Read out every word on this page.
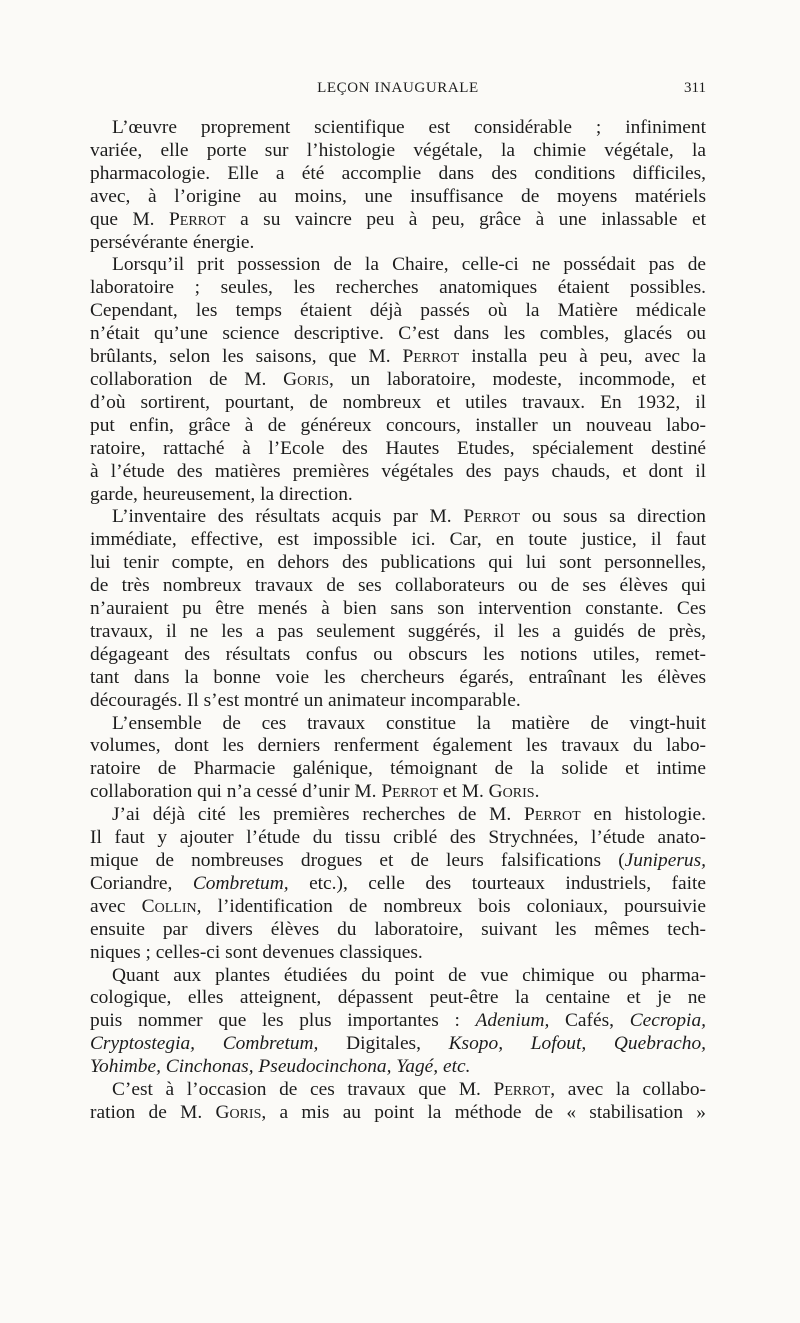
LEÇON INAUGURALE	311

L’œuvre proprement scientifique est considérable ; infiniment
variée, elle porte sur l’histologie végétale, la chimie végétale, la
pharmacologie. Elle a été accomplie dans des conditions difficiles,
avec, à l’origine au moins, une insuffisance de moyens matériels
que M. Perrot a su vaincre peu à peu, grâce à une inlassable et
persévérante énergie.

Lorsqu’il prit possession de la Chaire, celle-ci ne possédait pas de
laboratoire ; seules, les recherches anatomiques étaient possibles.
Cependant, les temps étaient déjà passés où la Matière médicale
n’était qu’une science descriptive. C’est dans les combles, glacés ou
brûlants, selon les saisons, que M. Perrot installa peu à peu, avec la
collaboration de M. Goris, un laboratoire, modeste, incommode, et
d’où sortirent, pourtant, de nombreux et utiles travaux. En 1932, il
put enfin, grâce à de généreux concours, installer un nouveau labo-
ratoire, rattaché à l’Ecole des Hautes Etudes, spécialement destiné
à l’étude des matières premières végétales des pays chauds, et dont il
garde, heureusement, la direction.

L’inventaire des résultats acquis par M. Perrot ou sous sa direction
immédiate, effective, est impossible ici. Car, en toute justice, il faut
lui tenir compte, en dehors des publications qui lui sont personnelles,
de très nombreux travaux de ses collaborateurs ou de ses élèves qui
n’auraient pu être menés à bien sans son intervention constante. Ces
travaux, il ne les a pas seulement suggérés, il les a guidés de près,
dégageant des résultats confus ou obscurs les notions utiles, remet-
tant dans la bonne voie les chercheurs égarés, entraînant les élèves
découragés. Il s’est montré un animateur incomparable.

L’ensemble de ces travaux constitue la matière de vingt-huit
volumes, dont les derniers renferment également les travaux du labo-
ratoire de Pharmacie galénique, témoignant de la solide et intime
collaboration qui n’a cessé d’unir M. Perrot et M. Goris.

J’ai déjà cité les premières recherches de M. Perrot en histologie.
Il faut y ajouter l’étude du tissu criblé des Strychnées, l’étude anato-
mique de nombreuses drogues et de leurs falsifications (Juniperus,
Coriandre, Combretum, etc.), celle des tourteaux industriels, faite
avec Collin, l’identification de nombreux bois coloniaux, poursuivie
ensuite par divers élèves du laboratoire, suivant les mêmes tech-
niques ; celles-ci sont devenues classiques.

Quant aux plantes étudiées du point de vue chimique ou pharma-
cologique, elles atteignent, dépassent peut-être la centaine et je ne
puis nommer que les plus importantes : Adenium, Cafés, Cecropia,
Cryptostegia, Combretum, Digitales, Ksopo, Lofout, Quebracho,
Yohimbe, Cinchonas, Pseudocinchona, Yagé, etc.

C’est à l’occasion de ces travaux que M. Perrot, avec la collabo-
ration de M. Goris, a mis au point la méthode de « stabilisation »
